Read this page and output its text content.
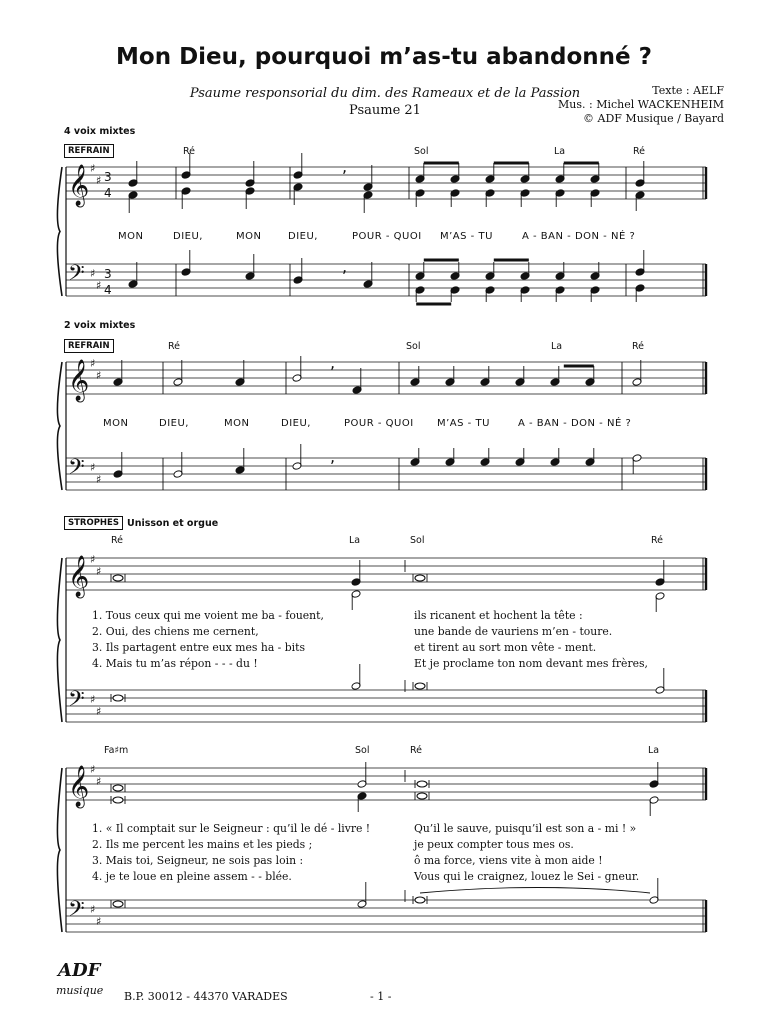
Mon Dieu, pourquoi m’as-tu abandonné ?
Psaume responsorial du dim. des Rameaux et de la Passion
Psaume 21
Texte : AELF
Mus. : Michel WACKENHEIM
© ADF Musique / Bayard
4 voix mixtes
REFRAIN
2 voix mixtes
REFRAIN
STROPHES Unisson et orgue
Ré	Sol	La	Ré
MON	DIEU,	MON	DIEU,	POUR - QUOI M’AS - TU	A - BAN - DON - NÉ ?
Ré	Sol	La	Ré
MON	DIEU,	MON	DIEU,	POUR - QUOI M’AS - TU	A - BAN - DON - NÉ ?
Ré	La	Sol	Ré
1. Tous ceux qui me voient me ba - fouent,	ils ricanent et hochent la tête :
2. Oui, des chiens me cernent,	une bande de vauriens m’en - toure.
3. Ils partagent entre eux mes ha - bits	et tirent au sort mon vête - ment.
4. Mais tu m’as répon - - - du !	Et je proclame ton nom devant mes frères,
Fa♯m	Sol	Ré	La
1. « Il comptait sur le Seigneur : qu’il le dé - livre !	Qu’il le sauve, puisqu’il est son a - mi ! »
2. Ils me percent les mains et les pieds ;	je peux compter tous mes os.
3. Mais toi, Seigneur, ne sois pas loin :	ô ma force, viens vite à mon aide !
4. je te loue en pleine assem - - blée.	Vous qui le craignez, louez le Sei - gneur.
ADF
musique B.P. 30012 - 44370 VARADES	- 1 -
𝄞 ♯
♯ 3
4
𝄢 ♯
♯
3
4
,
,
𝄞 ♯
♯
𝄢 ♯
♯
,
,
𝄞 ♯
♯
𝄢 ♯
♯
𝄞 ♯
♯
𝄢 ♯
♯
